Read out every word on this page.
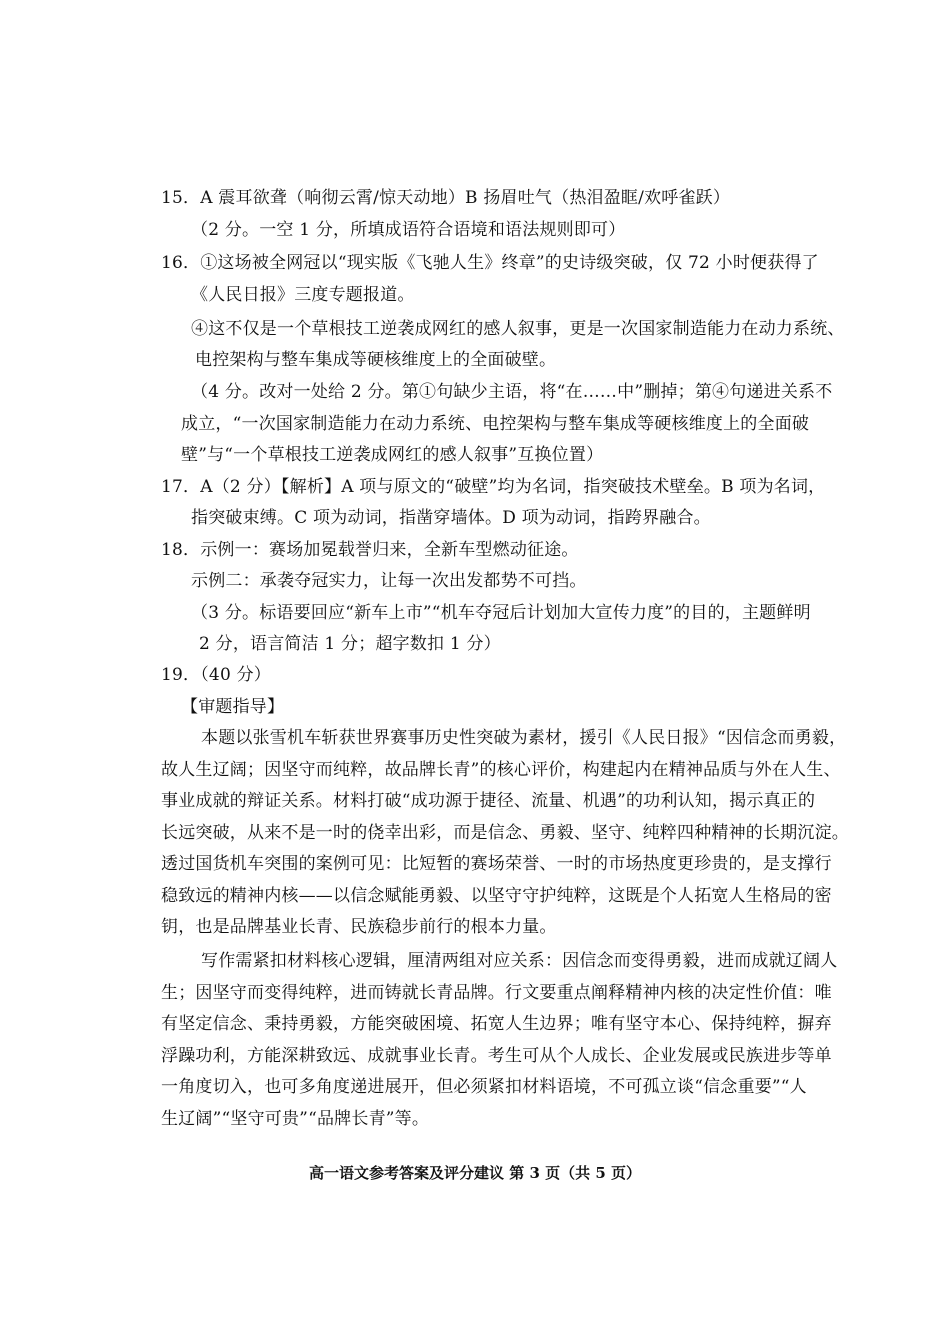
15．A 震耳欲聋（响彻云霄/惊天动地）B 扬眉吐气（热泪盈眶/欢呼雀跃）
（2 分。一空 1 分，所填成语符合语境和语法规则即可）
16．①这场被全网冠以“现实版《飞驰人生》终章”的史诗级突破，仅 72 小时便获得了
《人民日报》三度专题报道。
④这不仅是一个草根技工逆袭成网红的感人叙事，更是一次国家制造能力在动力系统、
电控架构与整车集成等硬核维度上的全面破壁。
（4 分。改对一处给 2 分。第①句缺少主语，将“在……中”删掉；第④句递进关系不
成立，“一次国家制造能力在动力系统、电控架构与整车集成等硬核维度上的全面破
壁”与“一个草根技工逆袭成网红的感人叙事”互换位置）
17．A（2 分）【解析】A 项与原文的“破壁”均为名词，指突破技术壁垒。B 项为名词，
指突破束缚。C 项为动词，指凿穿墙体。D 项为动词，指跨界融合。
18．示例一：赛场加冕载誉归来，全新车型燃动征途。
示例二：承袭夺冠实力，让每一次出发都势不可挡。
（3 分。标语要回应“新车上市”“机车夺冠后计划加大宣传力度”的目的，主题鲜明
2 分，语言简洁 1 分；超字数扣 1 分）
19．（40 分）
【审题指导】
本题以张雪机车斩获世界赛事历史性突破为素材，援引《人民日报》“因信念而勇毅，
故人生辽阔；因坚守而纯粹，故品牌长青”的核心评价，构建起内在精神品质与外在人生、
事业成就的辩证关系。材料打破“成功源于捷径、流量、机遇”的功利认知，揭示真正的
长远突破，从来不是一时的侥幸出彩，而是信念、勇毅、坚守、纯粹四种精神的长期沉淀。
透过国货机车突围的案例可见：比短暂的赛场荣誉、一时的市场热度更珍贵的，是支撑行
稳致远的精神内核——以信念赋能勇毅、以坚守守护纯粹，这既是个人拓宽人生格局的密
钥，也是品牌基业长青、民族稳步前行的根本力量。
写作需紧扣材料核心逻辑，厘清两组对应关系：因信念而变得勇毅，进而成就辽阔人
生；因坚守而变得纯粹，进而铸就长青品牌。行文要重点阐释精神内核的决定性价值：唯
有坚定信念、秉持勇毅，方能突破困境、拓宽人生边界；唯有坚守本心、保持纯粹，摒弃
浮躁功利，方能深耕致远、成就事业长青。考生可从个人成长、企业发展或民族进步等单
一角度切入，也可多角度递进展开，但必须紧扣材料语境，不可孤立谈“信念重要”“人
生辽阔”“坚守可贵”“品牌长青”等。
高一语文参考答案及评分建议 第 3 页（共 5 页）
